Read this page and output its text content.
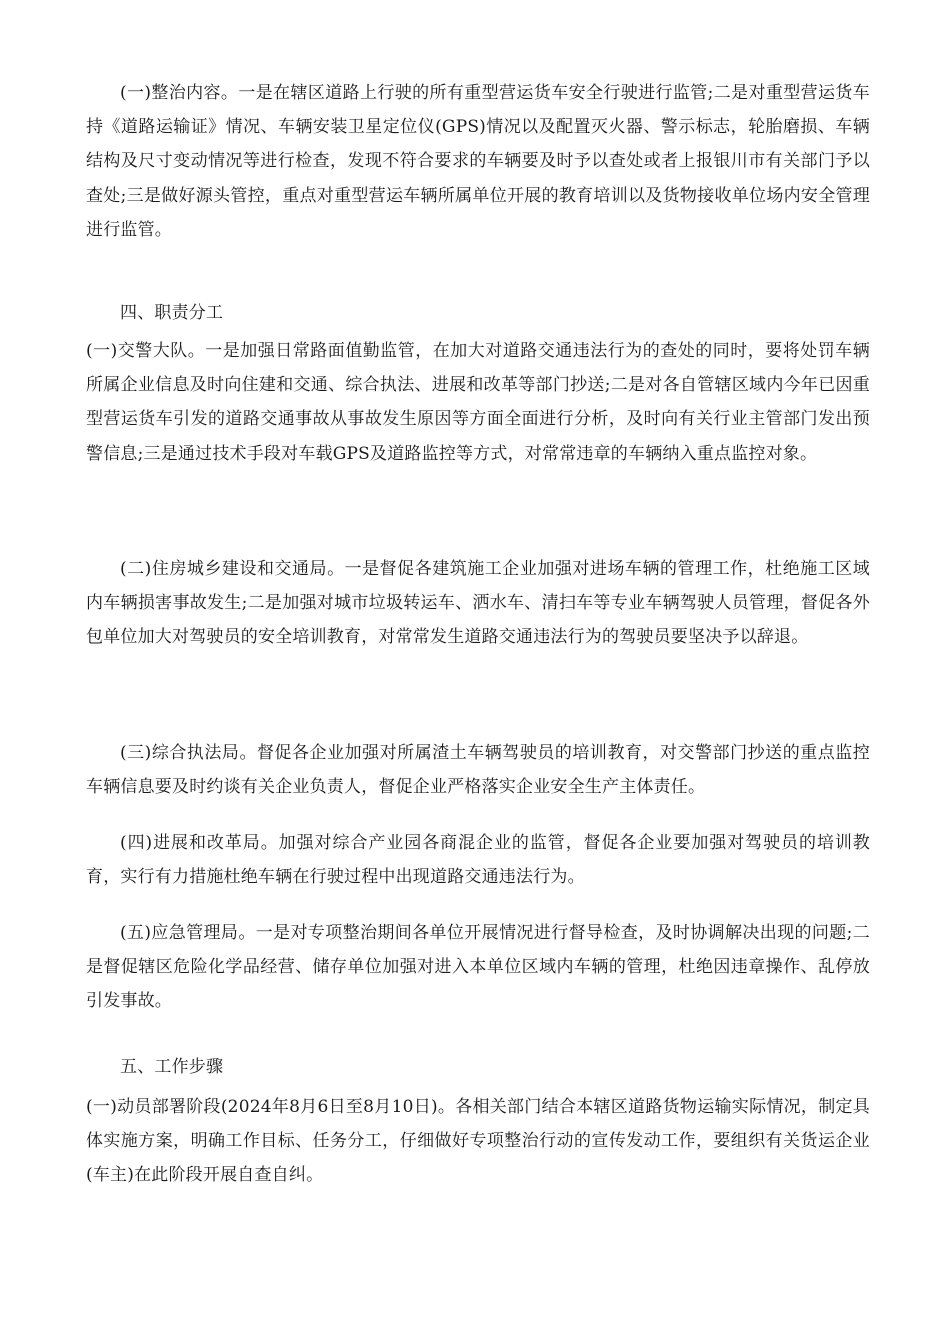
(一)整治内容。一是在辖区道路上行驶的所有重型营运货车安全行驶进行监管;二是对重型营运货车持《道路运输证》情况、车辆安装卫星定位仪(GPS)情况以及配置灭火器、警示标志，轮胎磨损、车辆结构及尺寸变动情况等进行检查，发现不符合要求的车辆要及时予以查处或者上报银川市有关部门予以查处;三是做好源头管控，重点对重型营运车辆所属单位开展的教育培训以及货物接收单位场内安全管理进行监管。

四、职责分工

(一)交警大队。一是加强日常路面值勤监管，在加大对道路交通违法行为的查处的同时，要将处罚车辆所属企业信息及时向住建和交通、综合执法、进展和改革等部门抄送;二是对各自管辖区域内今年已因重型营运货车引发的道路交通事故从事故发生原因等方面全面进行分析，及时向有关行业主管部门发出预警信息;三是通过技术手段对车载GPS及道路监控等方式，对常常违章的车辆纳入重点监控对象。

(二)住房城乡建设和交通局。一是督促各建筑施工企业加强对进场车辆的管理工作，杜绝施工区域内车辆损害事故发生;二是加强对城市垃圾转运车、洒水车、清扫车等专业车辆驾驶人员管理，督促各外包单位加大对驾驶员的安全培训教育，对常常发生道路交通违法行为的驾驶员要坚决予以辞退。

(三)综合执法局。督促各企业加强对所属渣土车辆驾驶员的培训教育，对交警部门抄送的重点监控车辆信息要及时约谈有关企业负责人，督促企业严格落实企业安全生产主体责任。

(四)进展和改革局。加强对综合产业园各商混企业的监管，督促各企业要加强对驾驶员的培训教育，实行有力措施杜绝车辆在行驶过程中出现道路交通违法行为。

(五)应急管理局。一是对专项整治期间各单位开展情况进行督导检查，及时协调解决出现的问题;二是督促辖区危险化学品经营、储存单位加强对进入本单位区域内车辆的管理，杜绝因违章操作、乱停放引发事故。

五、工作步骤

(一)动员部署阶段(2024年8月6日至8月10日)。各相关部门结合本辖区道路货物运输实际情况，制定具体实施方案，明确工作目标、任务分工，仔细做好专项整治行动的宣传发动工作，要组织有关货运企业(车主)在此阶段开展自查自纠。
